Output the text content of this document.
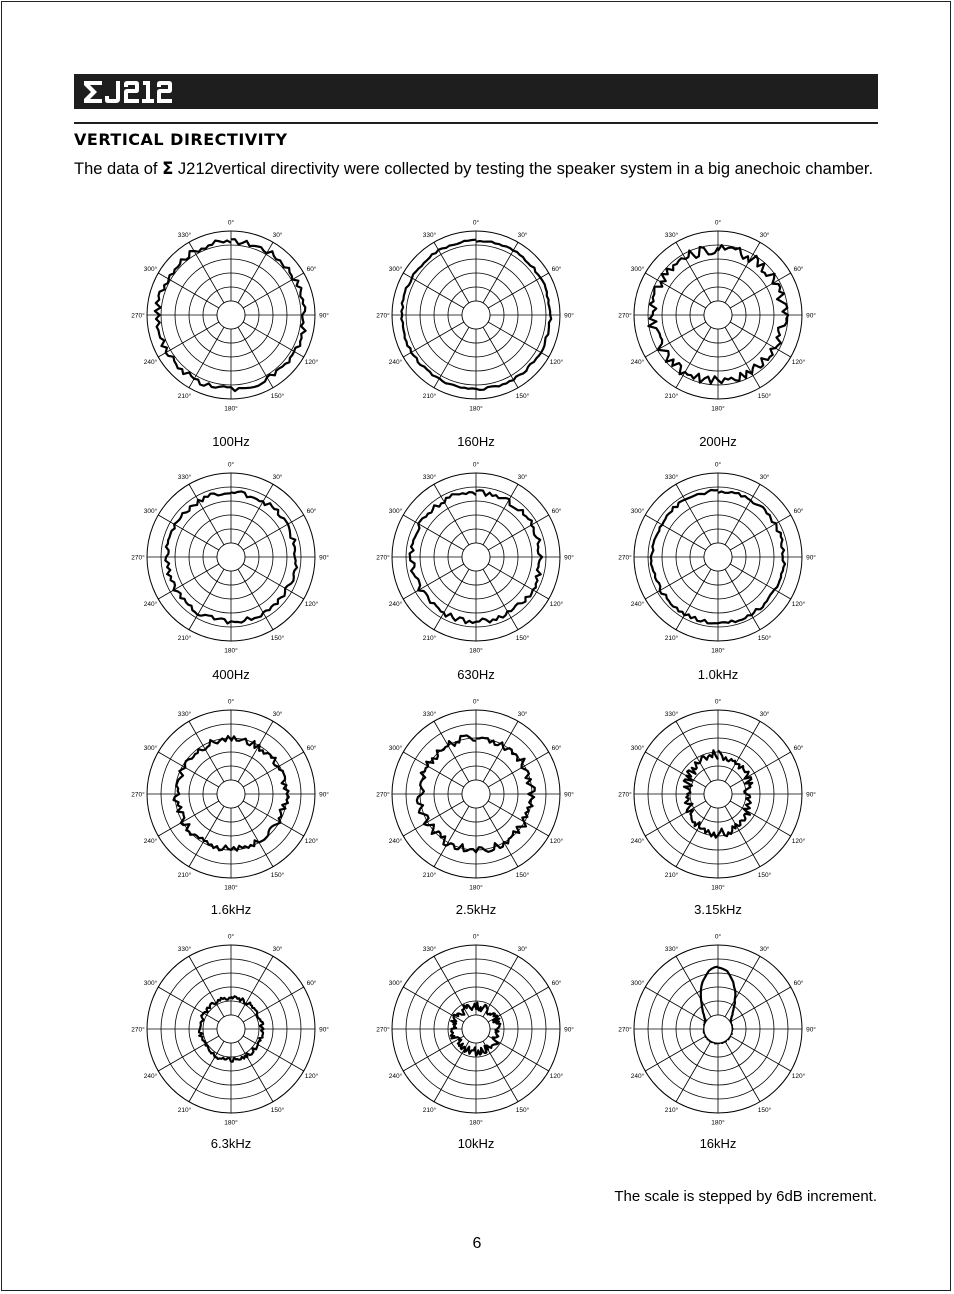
VERTICAL DIRECTIVITY
The data of Σ J212vertical directivity were collected by testing the speaker system in a big anechoic chamber.
0°
30°
60°
90°
120°
150°
180°
210°
240°
270°
300°
330°
0°
30°
60°
90°
120°
150°
180°
210°
240°
270°
300°
330°
0°
30°
60°
90°
120°
150°
180°
210°
240°
270°
300°
330°
0°
30°
60°
90°
120°
150°
180°
210°
240°
270°
300°
330°
0°
30°
60°
90°
120°
150°
180°
210°
240°
270°
300°
330°
0°
30°
60°
90°
120°
150°
180°
210°
240°
270°
300°
330°
0°
30°
60°
90°
120°
150°
180°
210°
240°
270°
300°
330°
0°
30°
60°
90°
120°
150°
180°
210°
240°
270°
300°
330°
0°
30°
60°
90°
120°
150°
180°
210°
240°
270°
300°
330°
0°
30°
60°
90°
120°
150°
180°
210°
240°
270°
300°
330°
0°
30°
60°
90°
120°
150°
180°
210°
240°
270°
300°
330°
0°
30°
60°
90°
120°
150°
180°
210°
240°
270°
300°
330°
100Hz	160Hz	200Hz
400Hz	630Hz	1.0kHz
1.6kHz	2.5kHz	3.15kHz
6.3kHz	10kHz	16kHz
The scale is stepped by 6dB increment.
6
